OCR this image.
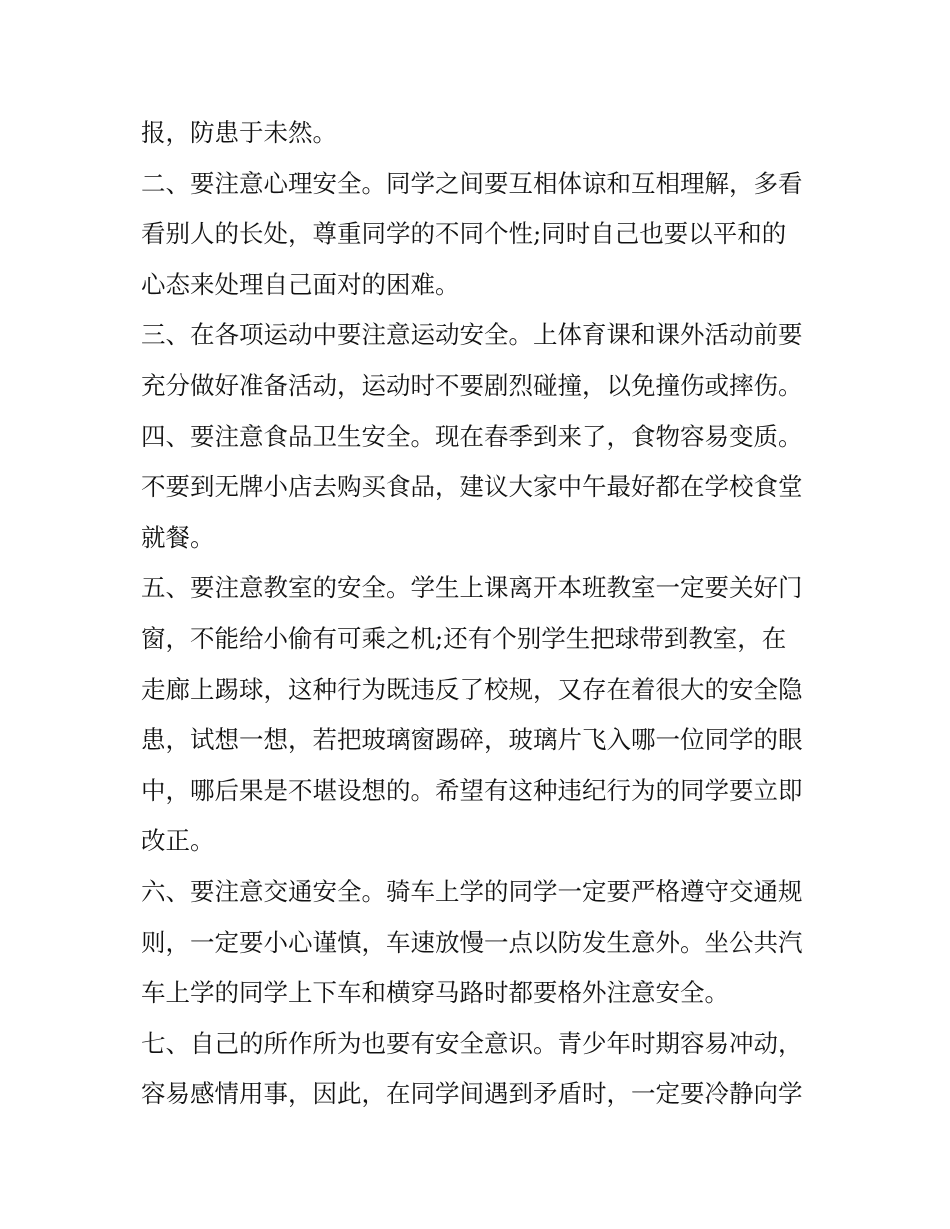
报，防患于未然。
二、要注意心理安全。同学之间要互相体谅和互相理解，多看
看别人的长处，尊重同学的不同个性;同时自己也要以平和的
心态来处理自己面对的困难。
三、在各项运动中要注意运动安全。上体育课和课外活动前要
充分做好准备活动，运动时不要剧烈碰撞，以免撞伤或摔伤。
四、要注意食品卫生安全。现在春季到来了，食物容易变质。
不要到无牌小店去购买食品，建议大家中午最好都在学校食堂
就餐。
五、要注意教室的安全。学生上课离开本班教室一定要关好门
窗，不能给小偷有可乘之机;还有个别学生把球带到教室，在
走廊上踢球，这种行为既违反了校规，又存在着很大的安全隐
患，试想一想，若把玻璃窗踢碎，玻璃片飞入哪一位同学的眼
中，哪后果是不堪设想的。希望有这种违纪行为的同学要立即
改正。
六、要注意交通安全。骑车上学的同学一定要严格遵守交通规
则，一定要小心谨慎，车速放慢一点以防发生意外。坐公共汽
车上学的同学上下车和横穿马路时都要格外注意安全。
七、自己的所作所为也要有安全意识。青少年时期容易冲动，
容易感情用事，因此，在同学间遇到矛盾时，一定要冷静向学
